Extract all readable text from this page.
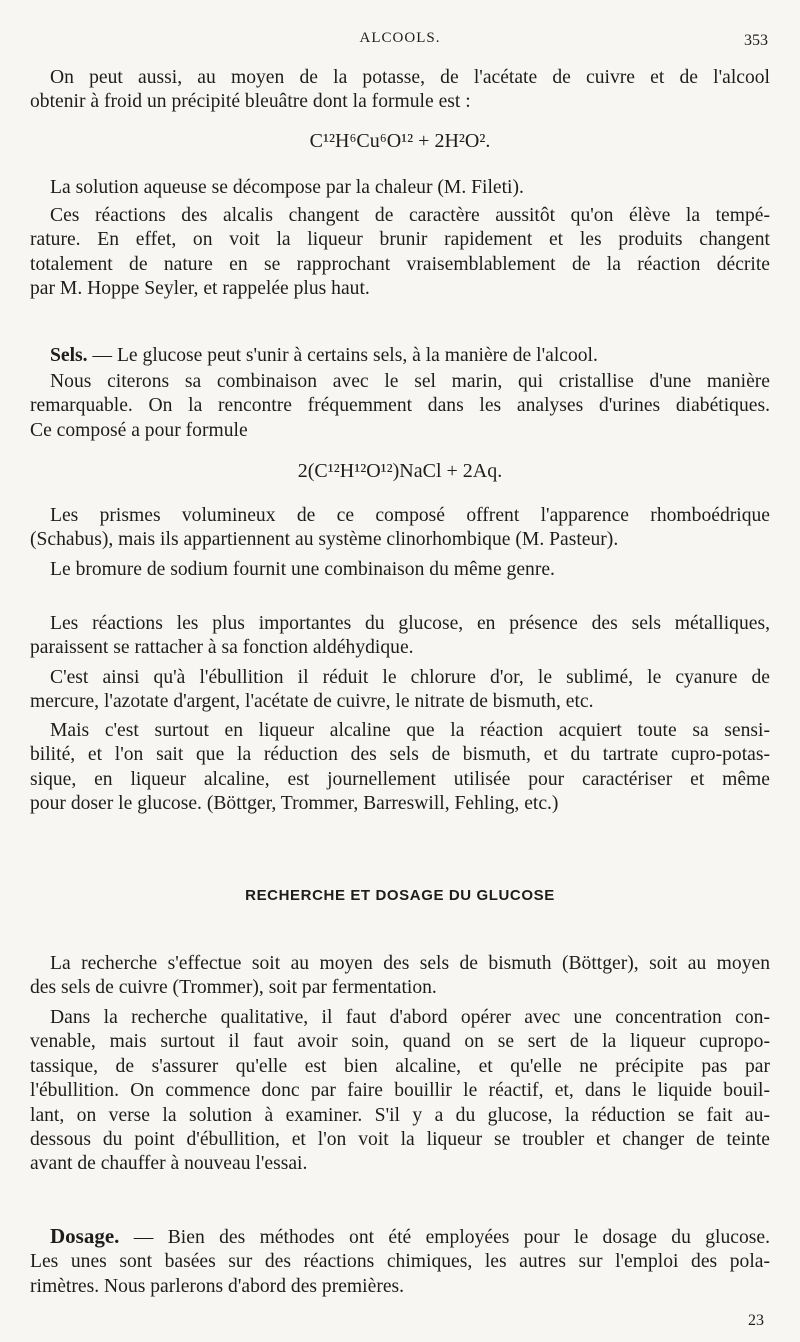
ALCOOLS.	353
On peut aussi, au moyen de la potasse, de l'acétate de cuivre et de l'alcool
obtenir à froid un précipité bleuâtre dont la formule est :
C¹²H⁶Cu⁶O¹² + 2H²O².
La solution aqueuse se décompose par la chaleur (M. Fileti).
Ces réactions des alcalis changent de caractère aussitôt qu'on élève la tempé-
rature. En effet, on voit la liqueur brunir rapidement et les produits changent
totalement de nature en se rapprochant vraisemblablement de la réaction décrite
par M. Hoppe Seyler, et rappelée plus haut.
Sels. — Le glucose peut s'unir à certains sels, à la manière de l'alcool.
Nous citerons sa combinaison avec le sel marin, qui cristallise d'une manière
remarquable. On la rencontre fréquemment dans les analyses d'urines diabétiques.
Ce composé a pour formule
2(C¹²H¹²O¹²)NaCl + 2Aq.
Les prismes volumineux de ce composé offrent l'apparence rhomboédrique
(Schabus), mais ils appartiennent au système clinorhombique (M. Pasteur).
Le bromure de sodium fournit une combinaison du même genre.
Les réactions les plus importantes du glucose, en présence des sels métalliques,
paraissent se rattacher à sa fonction aldéhydique.
C'est ainsi qu'à l'ébullition il réduit le chlorure d'or, le sublimé, le cyanure de
mercure, l'azotate d'argent, l'acétate de cuivre, le nitrate de bismuth, etc.
Mais c'est surtout en liqueur alcaline que la réaction acquiert toute sa sensi-
bilité, et l'on sait que la réduction des sels de bismuth, et du tartrate cupro-potas-
sique, en liqueur alcaline, est journellement utilisée pour caractériser et même
pour doser le glucose. (Böttger, Trommer, Barreswill, Fehling, etc.)
RECHERCHE ET DOSAGE DU GLUCOSE
La recherche s'effectue soit au moyen des sels de bismuth (Böttger), soit au moyen
des sels de cuivre (Trommer), soit par fermentation.
Dans la recherche qualitative, il faut d'abord opérer avec une concentration con-
venable, mais surtout il faut avoir soin, quand on se sert de la liqueur cupropo-
tassique, de s'assurer qu'elle est bien alcaline, et qu'elle ne précipite pas par
l'ébullition. On commence donc par faire bouillir le réactif, et, dans le liquide bouil-
lant, on verse la solution à examiner. S'il y a du glucose, la réduction se fait au-
dessous du point d'ébullition, et l'on voit la liqueur se troubler et changer de teinte
avant de chauffer à nouveau l'essai.
Dosage. — Bien des méthodes ont été employées pour le dosage du glucose.
Les unes sont basées sur des réactions chimiques, les autres sur l'emploi des pola-
rimètres. Nous parlerons d'abord des premières.
23
